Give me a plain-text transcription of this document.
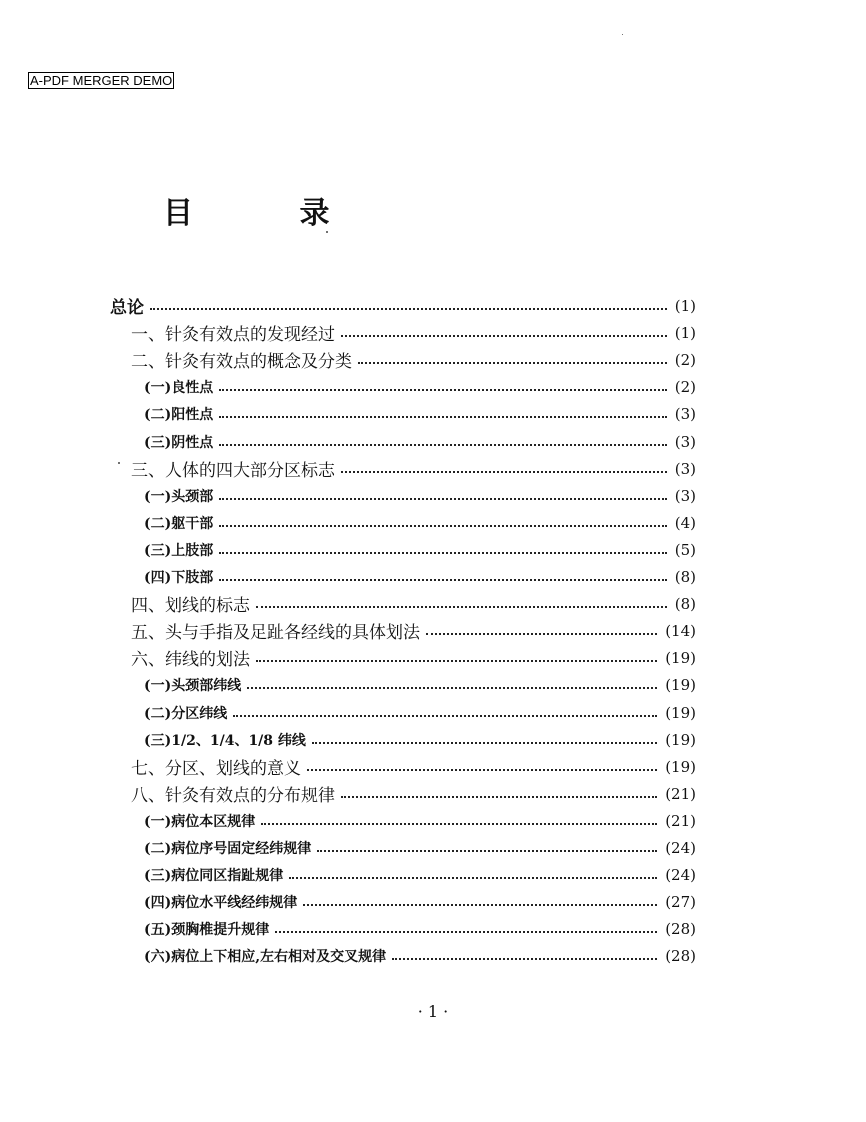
A-PDF MERGER DEMO
目 录
总论	(1)
一、针灸有效点的发现经过	(1)
二、针灸有效点的概念及分类	(2)
(一)良性点	(2)
(二)阳性点	(3)
(三)阴性点	(3)
三、人体的四大部分区标志	(3)
(一)头颈部	(3)
(二)躯干部	(4)
(三)上肢部	(5)
(四)下肢部	(8)
四、划线的标志	(8)
五、头与手指及足趾各经线的具体划法	(14)
六、纬线的划法	(19)
(一)头颈部纬线	(19)
(二)分区纬线	(19)
(三)1/2、1/4、1/8 纬线	(19)
七、分区、划线的意义	(19)
八、针灸有效点的分布规律	(21)
(一)病位本区规律	(21)
(二)病位序号固定经纬规律	(24)
(三)病位同区指趾规律	(24)
(四)病位水平线经纬规律	(27)
(五)颈胸椎提升规律	(28)
(六)病位上下相应,左右相对及交叉规律	(28)
· 1 ·
